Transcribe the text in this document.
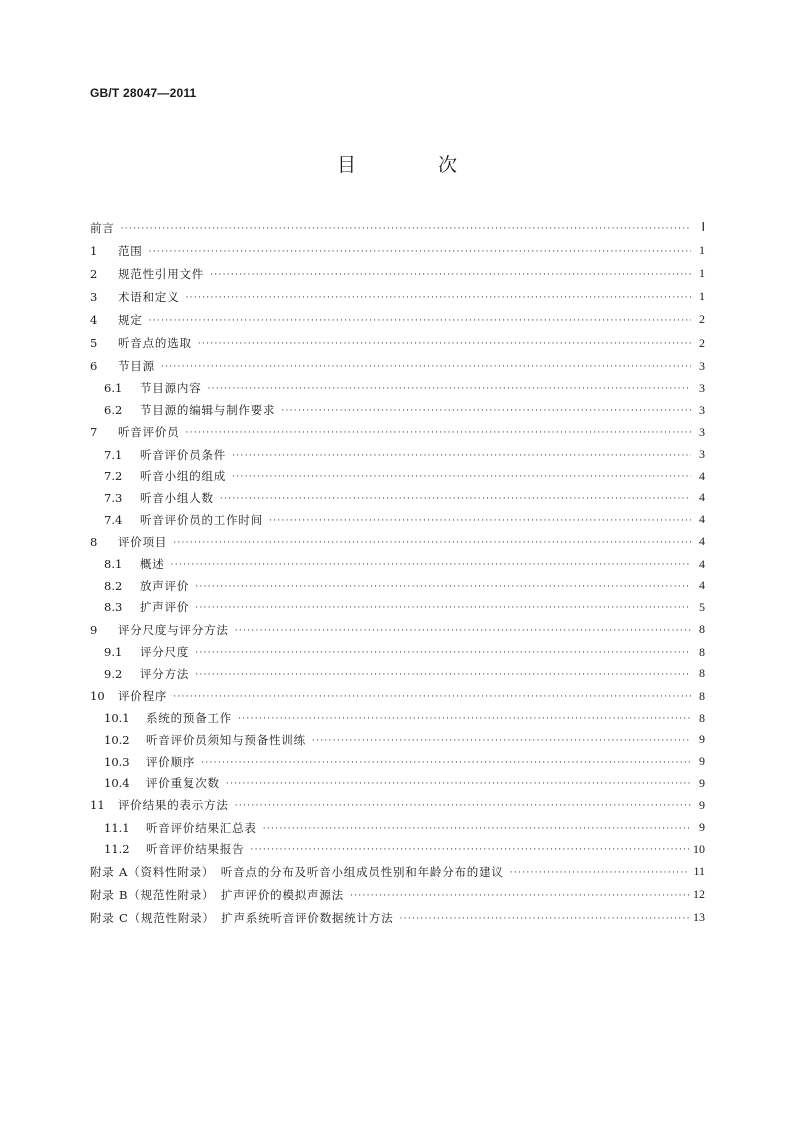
GB/T 28047—2011
目 次
前言 ·····	Ⅰ
1	范围 ·····	1
2	规范性引用文件 ·····	1
3	术语和定义 ·····	1
4	规定 ·····	2
5	听音点的选取 ·····	2
6	节目源 ·····	3
6.1	节目源内容 ·····	3
6.2	节目源的编辑与制作要求 ·····	3
7	听音评价员 ·····	3
7.1	听音评价员条件 ·····	3
7.2	听音小组的组成 ·····	4
7.3	听音小组人数 ·····	4
7.4	听音评价员的工作时间 ·····	4
8	评价项目 ·····	4
8.1	概述 ·····	4
8.2	放声评价 ·····	4
8.3	扩声评价 ·····	5
9	评分尺度与评分方法 ·····	8
9.1	评分尺度 ·····	8
9.2	评分方法 ·····	8
10	评价程序 ·····	8
10.1	系统的预备工作 ·····	8
10.2	听音评价员须知与预备性训练 ·····	9
10.3	评价顺序 ·····	9
10.4	评价重复次数 ·····	9
11	评价结果的表示方法 ·····	9
11.1	听音评价结果汇总表 ·····	9
11.2	听音评价结果报告 ·····	10
附录 A（资料性附录）　听音点的分布及听音小组成员性别和年龄分布的建议 ·····	11
附录 B（规范性附录）　扩声评价的模拟声源法 ·····	12
附录 C（规范性附录）　扩声系统听音评价数据统计方法 ·····	13
